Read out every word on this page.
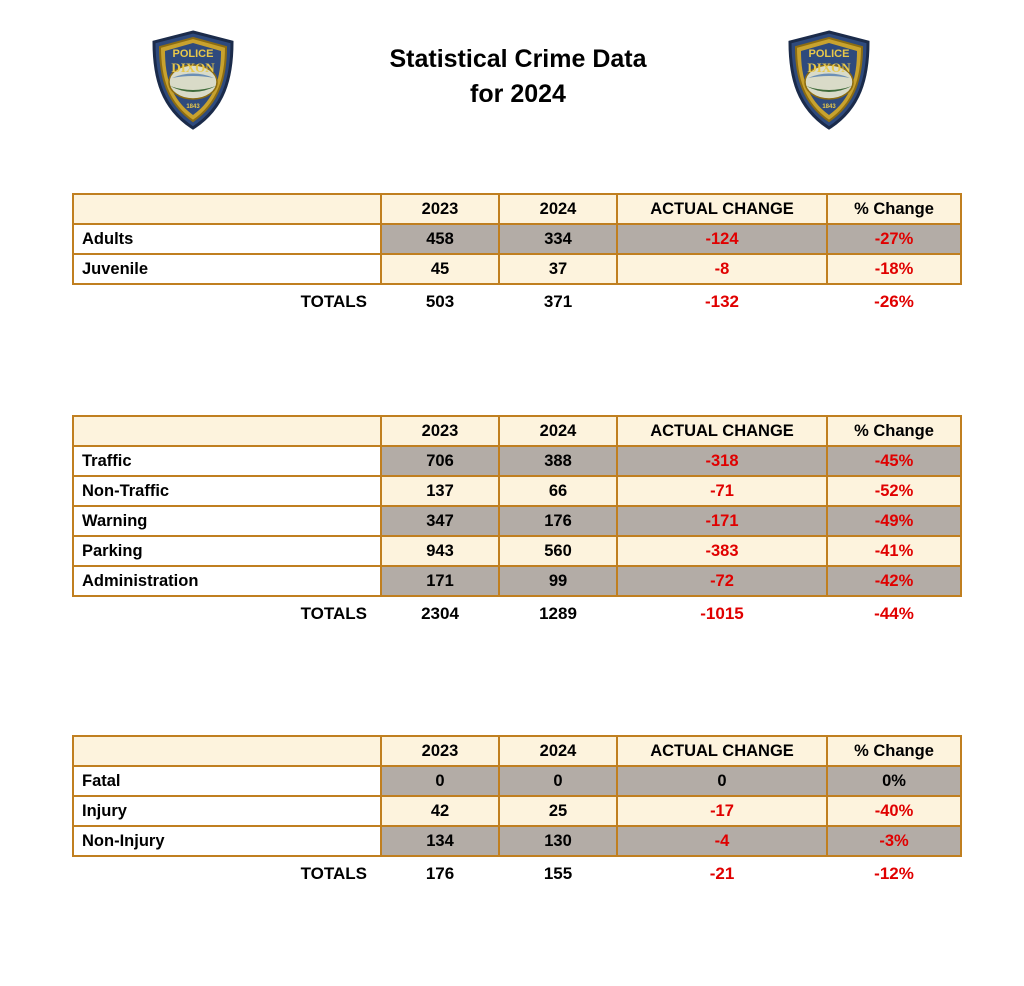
POLICE
DIXON
1843
Statistical Crime Data
for 2024
POLICE
DIXON
1843
	2023	2024	ACTUAL CHANGE	% Change
Adults	458	334	-124	-27%
Juvenile	45	37	-8	-18%
TOTALS	503	371	-132	-26%
	2023	2024	ACTUAL CHANGE	% Change
Traffic	706	388	-318	-45%
Non-Traffic	137	66	-71	-52%
Warning	347	176	-171	-49%
Parking	943	560	-383	-41%
Administration	171	99	-72	-42%
TOTALS	2304	1289	-1015	-44%
	2023	2024	ACTUAL CHANGE	% Change
Fatal	0	0	0	0%
Injury	42	25	-17	-40%
Non-Injury	134	130	-4	-3%
TOTALS	176	155	-21	-12%
